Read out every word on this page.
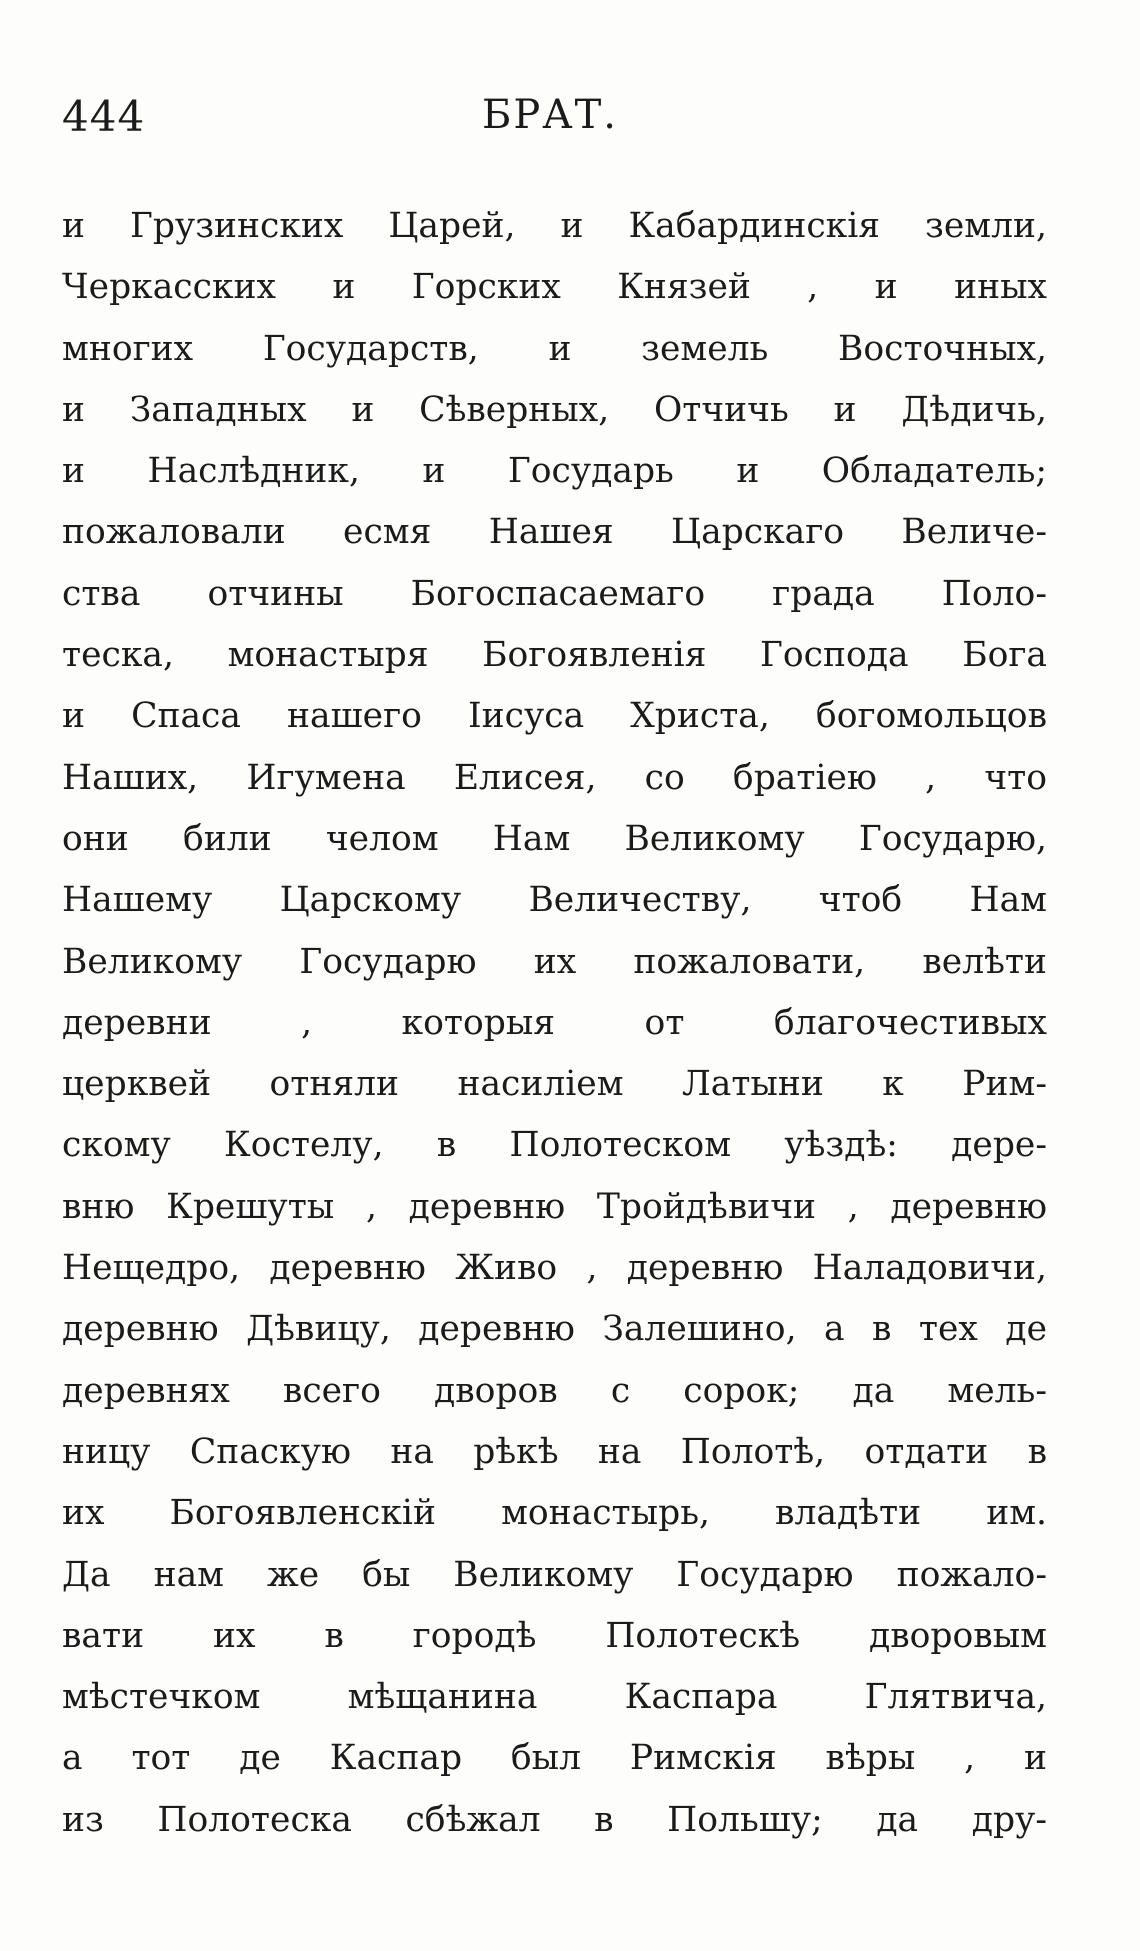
444	БРАТ.
и Грузинских Царей, и Кабардинскія земли,
Черкасских и Горских Князей , и иных
многих Государств, и земель Восточных,
и Западных и Сѣверных, Отчичь и Дѣдичь,
и Наслѣдник, и Государь и Обладатель;
пожаловали есмя Нашея Царскаго Величе-
ства отчины Богоспасаемаго града Поло-
теска, монастыря Богоявленія Господа Бога
и Спаса нашего Іисуса Христа, богомольцов
Наших, Игумена Елисея, со братіею , что
они били челом Нам Великому Государю,
Нашему Царскому Величеству, чтоб Нам
Великому Государю их пожаловати, велѣти
деревни , которыя от благочестивых
церквей отняли насиліем Латыни к Рим-
скому Костелу, в Полотеском уѣздѣ: дере-
вню Крешуты , деревню Тройдѣвичи , деревню
Нещедро, деревню Живо , деревню Наладовичи,
деревню Дѣвицу, деревню Залешино, а в тех де
деревнях всего дворов с сорок; да мель-
ницу Спаскую на рѣкѣ на Полотѣ, отдати в
их Богоявленскій монастырь, владѣти им.
Да нам же бы Великому Государю пожало-
вати их в городѣ Полотескѣ дворовым
мѣстечком мѣщанина Каспара Глятвича,
а тот де Каспар был Римскія вѣры , и
из Полотеска сбѣжал в Польшу; да дру-
